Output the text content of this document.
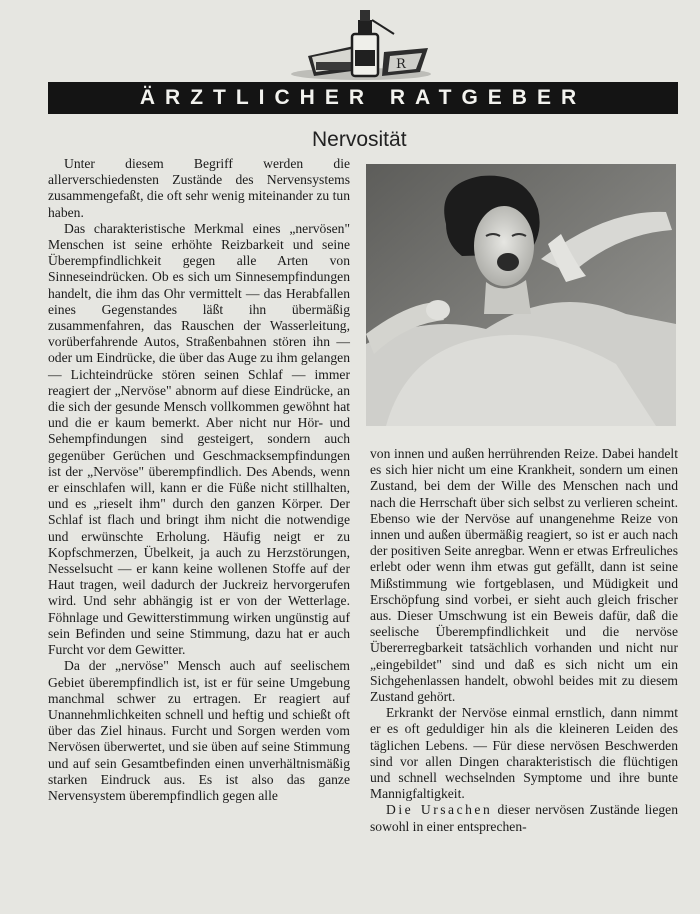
R
ÄRZTLICHER RATGEBER
Nervosität

Unter diesem Begriff werden die allerverschiedensten Zustände des Nervensystems zusammengefaßt, die oft sehr wenig miteinander zu tun haben.

Das charakteristische Merkmal eines „nervösen" Menschen ist seine erhöhte Reizbarkeit und seine Überempfindlichkeit gegen alle Arten von Sinneseindrücken. Ob es sich um Sinnesempfindungen handelt, die ihm das Ohr vermittelt — das Herabfallen eines Gegenstandes läßt ihn übermäßig zusammenfahren, das Rauschen der Wasserleitung, vorüberfahrende Autos, Straßenbahnen stören ihn — oder um Eindrücke, die über das Auge zu ihm gelangen — Lichteindrücke stören seinen Schlaf — immer reagiert der „Nervöse" abnorm auf diese Eindrücke, an die sich der gesunde Mensch vollkommen gewöhnt hat und die er kaum bemerkt. Aber nicht nur Hör- und Sehempfindungen sind gesteigert, sondern auch gegenüber Gerüchen und Geschmacksempfindungen ist der „Nervöse" überempfindlich. Des Abends, wenn er einschlafen will, kann er die Füße nicht stillhalten, und es „rieselt ihm" durch den ganzen Körper. Der Schlaf ist flach und bringt ihm nicht die notwendige und erwünschte Erholung. Häufig neigt er zu Kopfschmerzen, Übelkeit, ja auch zu Herzstörungen, Nesselsucht — er kann keine wollenen Stoffe auf der Haut tragen, weil dadurch der Juckreiz hervorgerufen wird. Und sehr abhängig ist er von der Wetterlage. Föhnlage und Gewitterstimmung wirken ungünstig auf sein Befinden und seine Stimmung, dazu hat er auch Furcht vor dem Gewitter.

Da der „nervöse" Mensch auch auf seelischem Gebiet überempfindlich ist, ist er für seine Umgebung manchmal schwer zu ertragen. Er reagiert auf Unannehmlichkeiten schnell und heftig und schießt oft über das Ziel hinaus. Furcht und Sorgen werden vom Nervösen überwertet, und sie üben auf seine Stimmung und auf sein Gesamtbefinden einen unverhältnismäßig starken Eindruck aus. Es ist also das ganze Nervensystem überempfindlich gegen alle

von innen und außen herrührenden Reize. Dabei handelt es sich hier nicht um eine Krankheit, sondern um einen Zustand, bei dem der Wille des Menschen nach und nach die Herrschaft über sich selbst zu verlieren scheint. Ebenso wie der Nervöse auf unangenehme Reize von innen und außen übermäßig reagiert, so ist er auch nach der positiven Seite anregbar. Wenn er etwas Erfreuliches erlebt oder wenn ihm etwas gut gefällt, dann ist seine Mißstimmung wie fortgeblasen, und Müdigkeit und Erschöpfung sind vorbei, er sieht auch gleich frischer aus. Dieser Umschwung ist ein Beweis dafür, daß die seelische Überempfindlichkeit und die nervöse Übererregbarkeit tatsächlich vorhanden und nicht nur „eingebildet" sind und daß es sich nicht um ein Sichgehenlassen handelt, obwohl beides mit zu diesem Zustand gehört.

Erkrankt der Nervöse einmal ernstlich, dann nimmt er es oft geduldiger hin als die kleineren Leiden des täglichen Lebens. — Für diese nervösen Beschwerden sind vor allen Dingen charakteristisch die flüchtigen und schnell wechselnden Symptome und ihre bunte Mannigfaltigkeit.

Die Ursachen dieser nervösen Zustände liegen sowohl in einer entsprechen-
